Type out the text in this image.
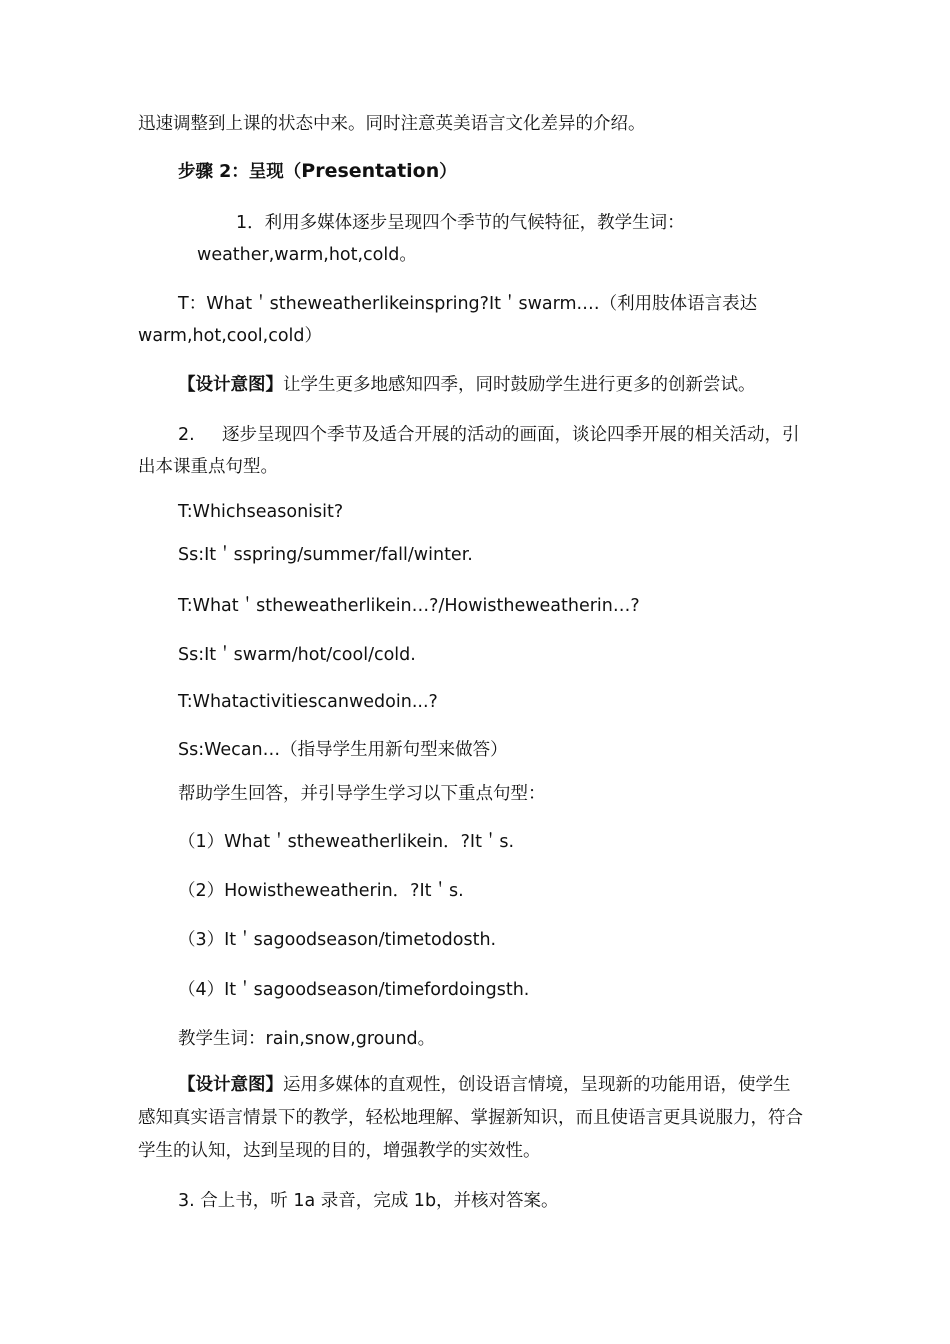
迅速调整到上课的状态中来。同时注意英美语言文化差异的介绍。
步骤 2：呈现（Presentation）
1．利用多媒体逐步呈现四个季节的气候特征，教学生词：
weather,warm,hot,cold。
T：What＇stheweatherlikeinspring?It＇swarm.…（利用肢体语言表达
warm,hot,cool,cold）
【设计意图】让学生更多地感知四季，同时鼓励学生进行更多的创新尝试。
2. 逐步呈现四个季节及适合开展的活动的画面，谈论四季开展的相关活动，引
出本课重点句型。
T:Whichseasonisit?
Ss:It＇sspring/summer/fall/winter.
T:What＇stheweatherlikein…?/Howistheweatherin…?
Ss:It＇swarm/hot/cool/cold.
T:Whatactivitiescanwedoin...?
Ss:Wecan…（指导学生用新句型来做答）
帮助学生回答，并引导学生学习以下重点句型：
（1）What＇stheweatherlikein．?It＇s.
（2）Howistheweatherin．?It＇s.
（3）It＇sagoodseason/timetodosth.
（4）It＇sagoodseason/timefordoingsth.
教学生词：rain,snow,ground。
【设计意图】运用多媒体的直观性，创设语言情境，呈现新的功能用语，使学生
感知真实语言情景下的教学，轻松地理解、掌握新知识，而且使语言更具说服力，符合
学生的认知，达到呈现的目的，增强教学的实效性。
3. 合上书，听 1a 录音，完成 1b，并核对答案。
